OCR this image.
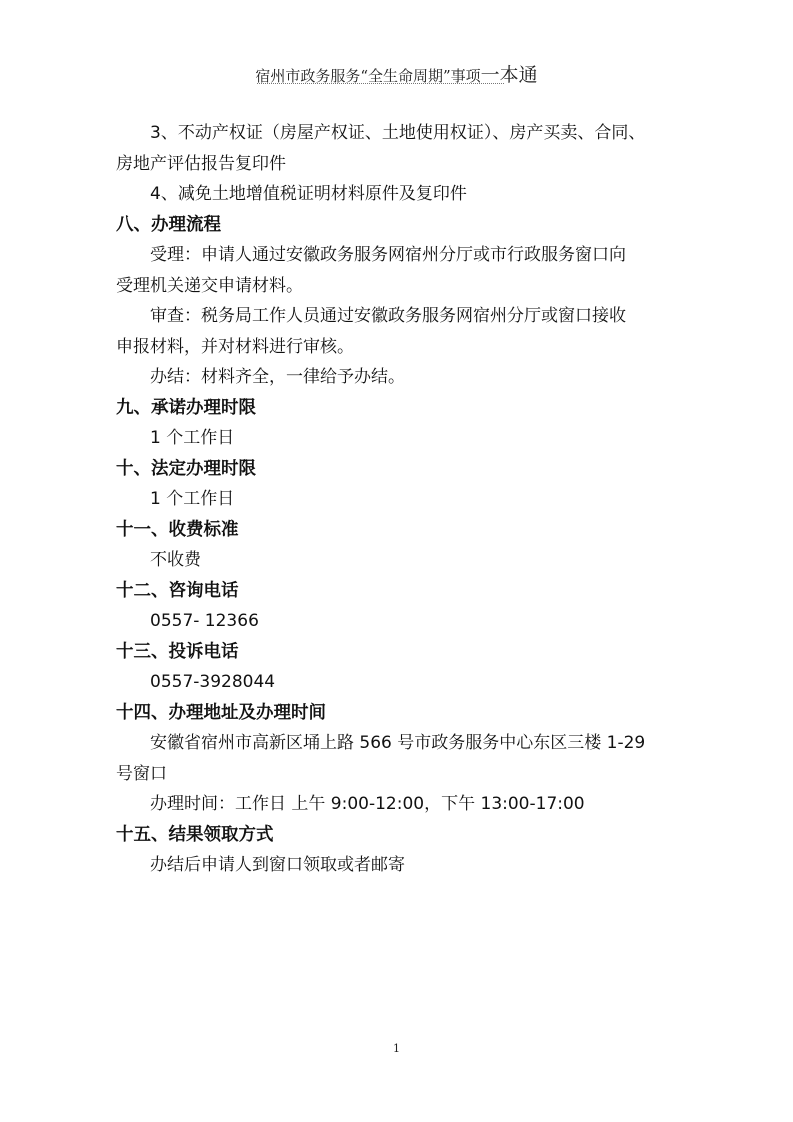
宿州市政务服务“全生命周期”事项一本通

3、不动产权证（房屋产权证、土地使用权证）、房产买卖、合同、

房地产评估报告复印件

4、减免土地增值税证明材料原件及复印件

八、办理流程

受理：申请人通过安徽政务服务网宿州分厅或市行政服务窗口向

受理机关递交申请材料。

审查：税务局工作人员通过安徽政务服务网宿州分厅或窗口接收

申报材料，并对材料进行审核。

办结：材料齐全，一律给予办结。

九、承诺办理时限

1 个工作日

十、法定办理时限

1 个工作日

十一、收费标准

不收费

十二、咨询电话

0557- 12366

十三、投诉电话

0557-3928044

十四、办理地址及办理时间

安徽省宿州市高新区埇上路 566 号市政务服务中心东区三楼 1-29

号窗口

办理时间：工作日 上午 9:00-12:00，下午 13:00-17:00

十五、结果领取方式

办结后申请人到窗口领取或者邮寄

1
